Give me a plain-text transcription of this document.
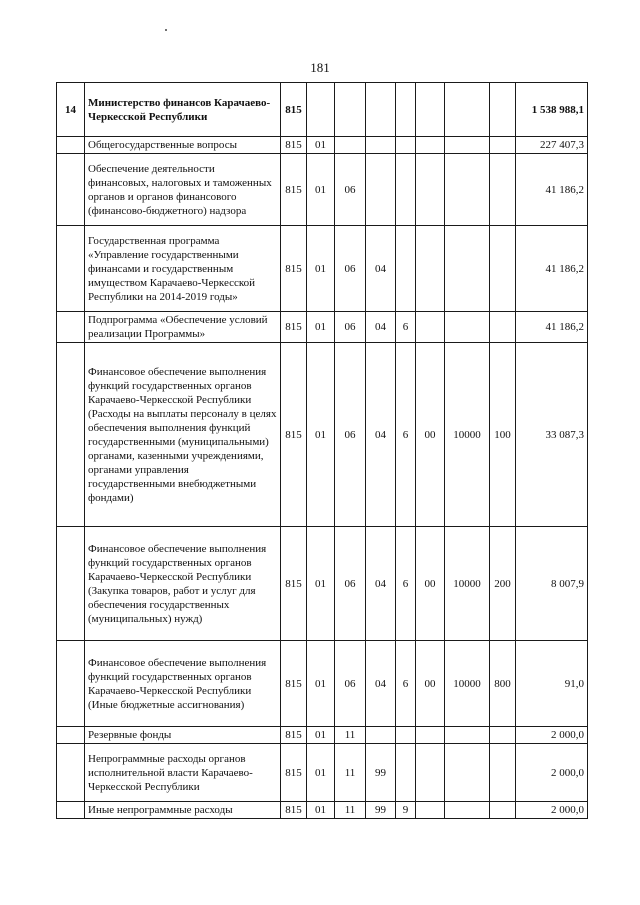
181
14	Министерство финансов Карачаево-Черкесской Республики	815								1 538 988,1
	Общегосударственные вопросы	815	01							227 407,3
	Обеспечение деятельности финансовых, налоговых и таможенных органов и органов финансового (финансово-бюджетного) надзора	815	01	06						41 186,2
	Государственная программа «Управление государственными финансами и государственным имуществом Карачаево-Черкесской Республики на 2014-2019 годы»	815	01	06	04					41 186,2
	Подпрограмма «Обеспечение условий реализации Программы»	815	01	06	04	6				41 186,2
	Финансовое обеспечение выполнения функций государственных органов Карачаево-Черкесской Республики (Расходы на выплаты персоналу в целях обеспечения выполнения функций государственными (муниципальными) органами, казенными учреждениями, органами управления государственными внебюджетными фондами)	815	01	06	04	6	00	10000	100	33 087,3
	Финансовое обеспечение выполнения функций государственных органов Карачаево-Черкесской Республики (Закупка товаров, работ и услуг для обеспечения государственных (муниципальных) нужд)	815	01	06	04	6	00	10000	200	8 007,9
	Финансовое обеспечение выполнения функций государственных органов Карачаево-Черкесской Республики (Иные бюджетные ассигнования)	815	01	06	04	6	00	10000	800	91,0
	Резервные фонды	815	01	11						2 000,0
	Непрограммные расходы органов исполнительной власти Карачаево-Черкесской Республики	815	01	11	99					2 000,0
	Иные непрограммные расходы	815	01	11	99	9				2 000,0
